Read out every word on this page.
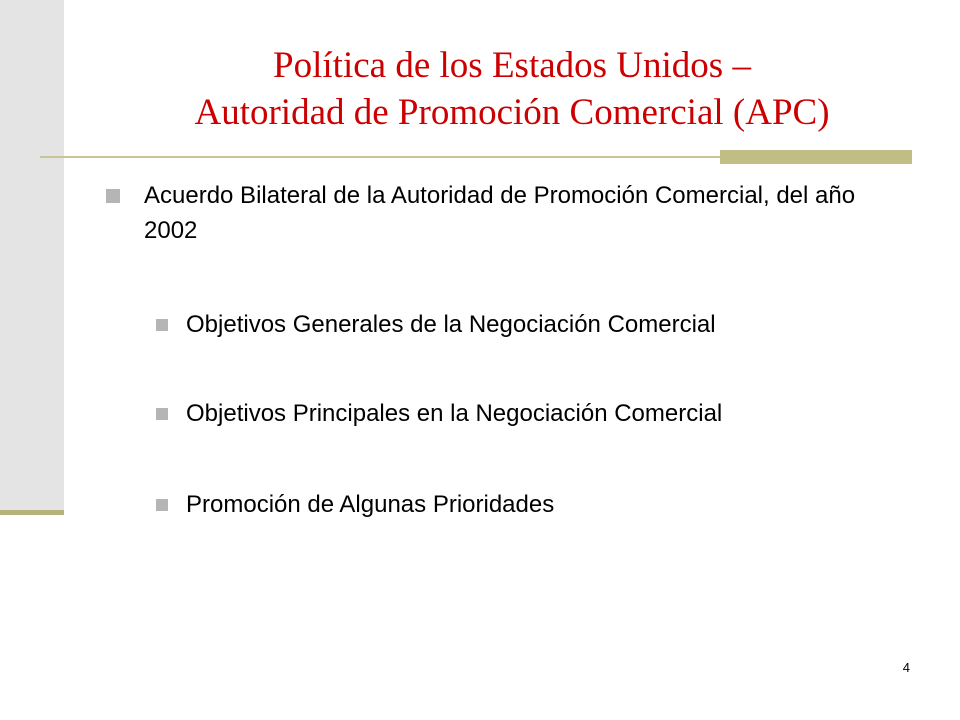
Política de los Estados Unidos –
Autoridad de Promoción Comercial (APC)
Acuerdo Bilateral de la Autoridad de Promoción Comercial, del año 2002
Objetivos Generales de la Negociación Comercial
Objetivos Principales en la Negociación Comercial
Promoción de Algunas Prioridades
4
